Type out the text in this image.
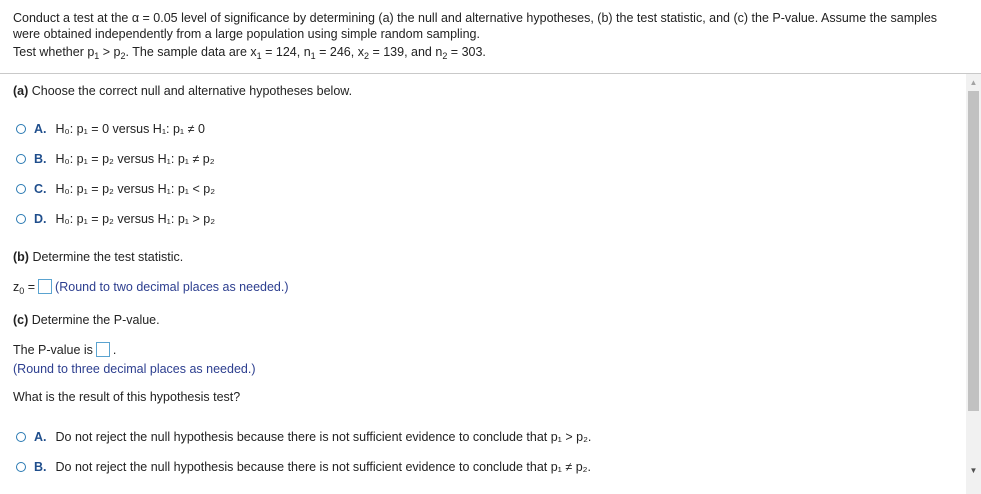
Conduct a test at the α = 0.05 level of significance by determining (a) the null and alternative hypotheses, (b) the test statistic, and (c) the P-value. Assume the samples

were obtained independently from a large population using simple random sampling.

Test whether $p_1 > p_2$. The sample data are $x_1 = 124$, $n_1 = 246$, $x_2 = 139$, and $n_2 = 303$.

(a) Choose the correct null and alternative hypotheses below.
A. H₀: p₁ = 0 versus H₁: p₁ ≠ 0
B. H₀: p₁ = p₂ versus H₁: p₁ ≠ p₂
C. H₀: p₁ = p₂ versus H₁: p₁ < p₂
D. H₀: p₁ = p₂ versus H₁: p₁ > p₂
(b) Determine the test statistic.
$z_0$ = (Round to two decimal places as needed.)
(c) Determine the P-value.
The P-value is .
(Round to three decimal places as needed.)
What is the result of this hypothesis test?
A. Do not reject the null hypothesis because there is not sufficient evidence to conclude that p₁ > p₂.
B. Do not reject the null hypothesis because there is not sufficient evidence to conclude that p₁ ≠ p₂.
▲
▼
